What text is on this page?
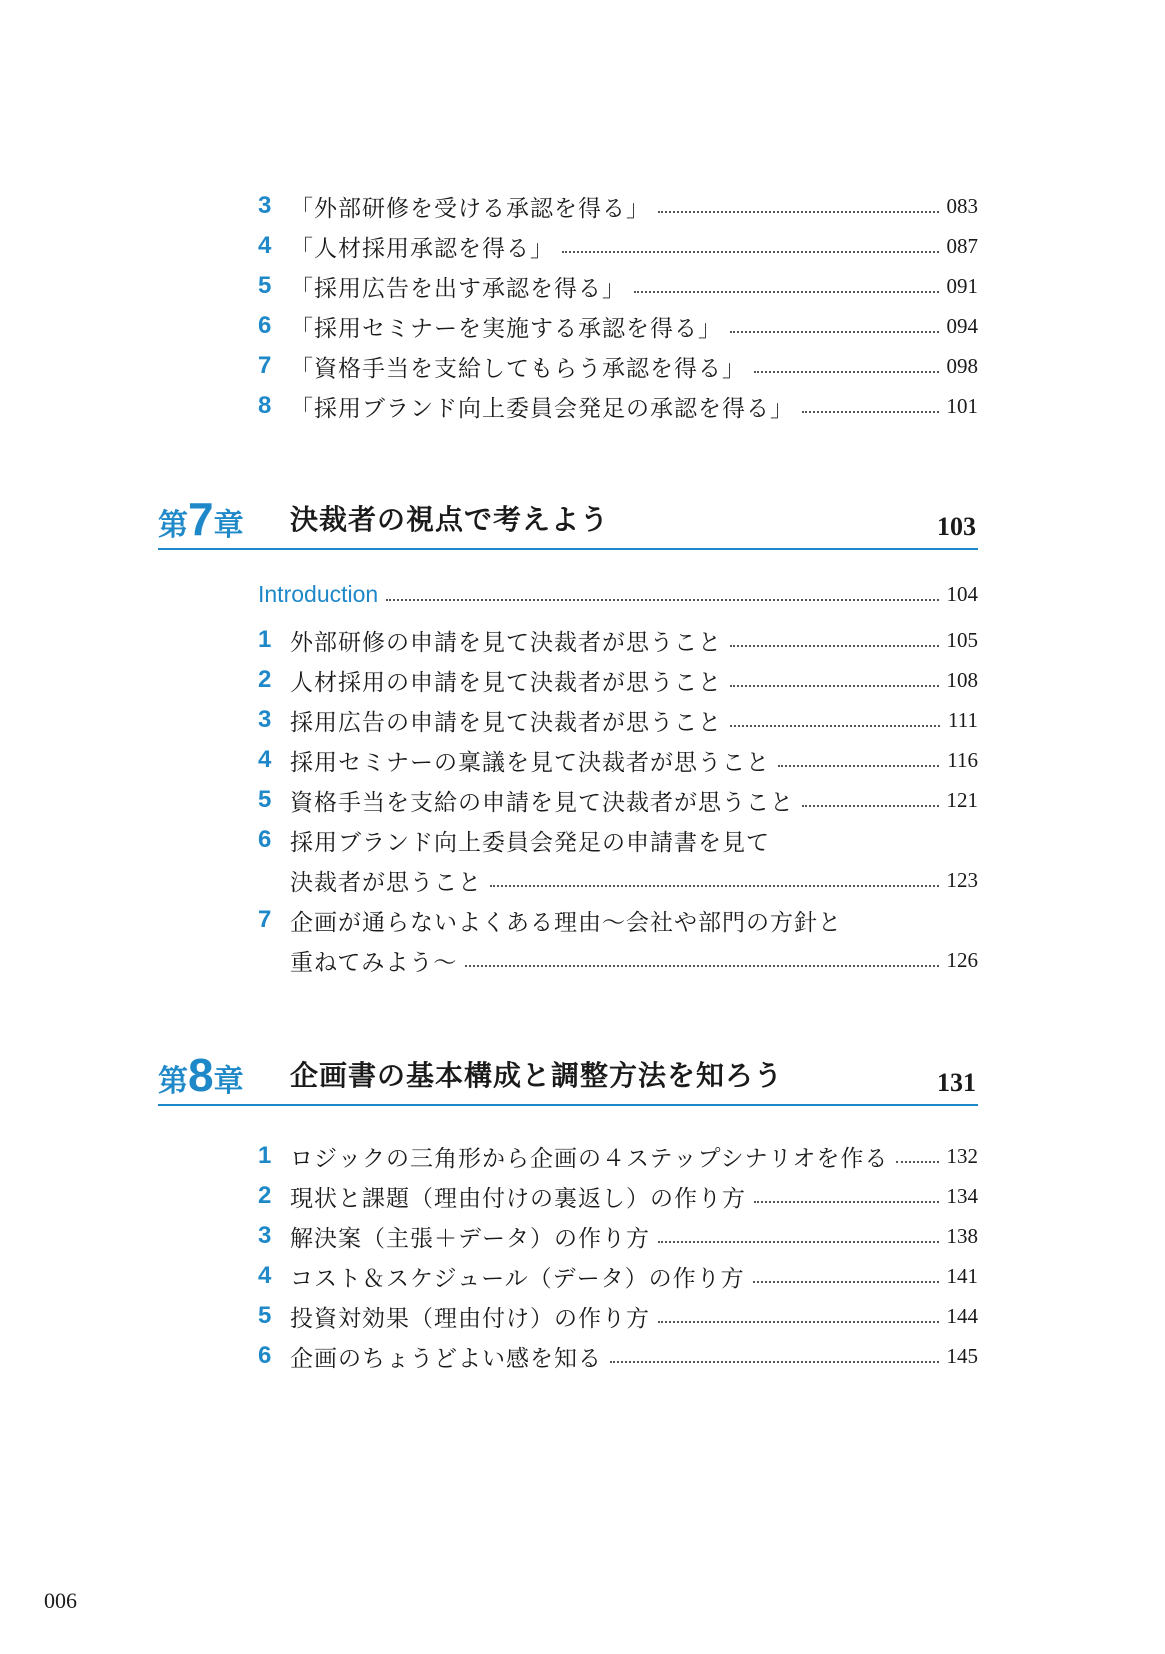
3 「外部研修を受ける承認を得る」	083
4 「人材採用承認を得る」	087
5 「採用広告を出す承認を得る」	091
6 「採用セミナーを実施する承認を得る」	094
7 「資格手当を支給してもらう承認を得る」	098
8 「採用ブランド向上委員会発足の承認を得る」	101
第7章 決裁者の視点で考えよう	103
Introduction	104
1 外部研修の申請を見て決裁者が思うこと	105
2 人材採用の申請を見て決裁者が思うこと	108
3 採用広告の申請を見て決裁者が思うこと	111
4 採用セミナーの稟議を見て決裁者が思うこと	116
5 資格手当を支給の申請を見て決裁者が思うこと	121
6 採用ブランド向上委員会発足の申請書を見て
決裁者が思うこと	123
7 企画が通らないよくある理由〜会社や部門の方針と
重ねてみよう〜	126
第8章 企画書の基本構成と調整方法を知ろう	131
1 ロジックの三角形から企画の４ステップシナリオを作る	132
2 現状と課題（理由付けの裏返し）の作り方	134
3 解決案（主張＋データ）の作り方	138
4 コスト＆スケジュール（データ）の作り方	141
5 投資対効果（理由付け）の作り方	144
6 企画のちょうどよい感を知る	145
006
